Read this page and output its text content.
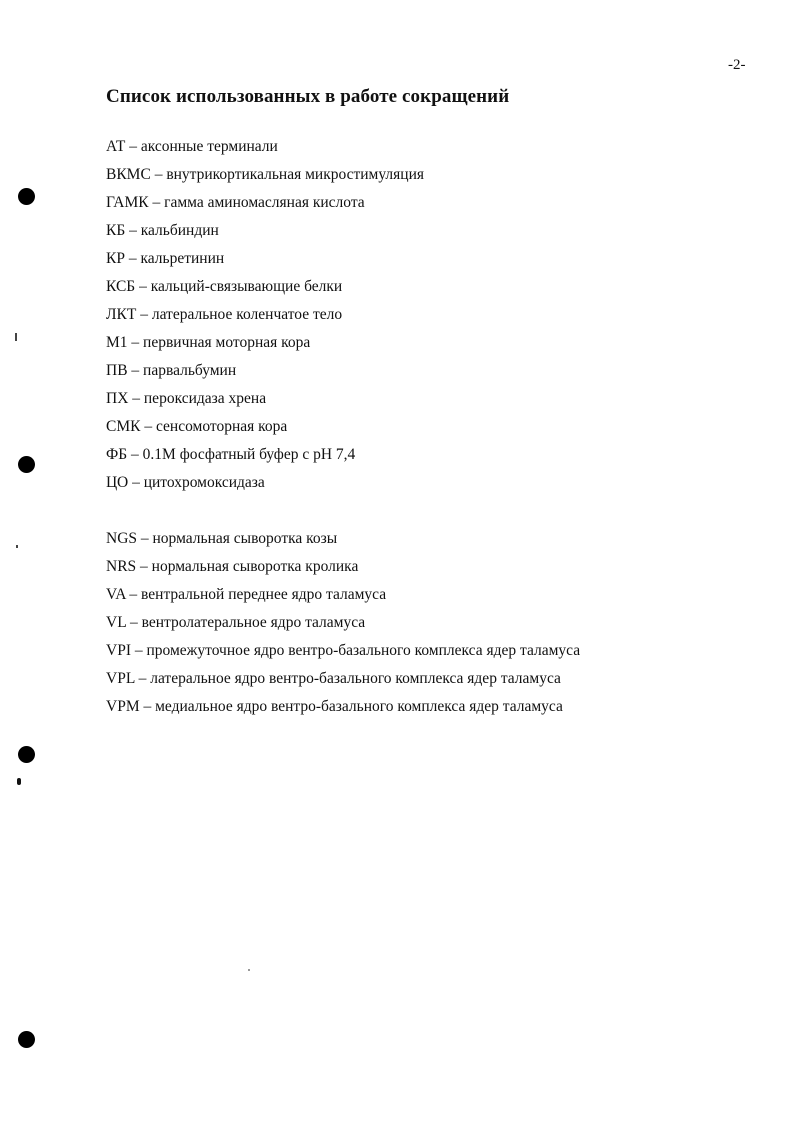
-2-
Список использованных в работе сокращений
АТ – аксонные терминали
ВКМС – внутрикортикальная микростимуляция
ГАМК – гамма аминомасляная кислота
КБ – кальбиндин
КР – кальретинин
КСБ – кальций-связывающие белки
ЛКТ – латеральное коленчатое тело
М1 – первичная моторная кора
ПВ – парвальбумин
ПХ – пероксидаза хрена
СМК – сенсомоторная кора
ФБ – 0.1М фосфатный буфер с рН 7,4
ЦО – цитохромоксидаза
NGS – нормальная сыворотка козы
NRS – нормальная сыворотка кролика
VA – вентральной переднее ядро таламуса
VL – вентролатеральное ядро таламуса
VPI – промежуточное ядро вентро-базального комплекса ядер таламуса
VPL – латеральное ядро вентро-базального комплекса ядер таламуса
VPM – медиальное ядро вентро-базального комплекса ядер таламуса
